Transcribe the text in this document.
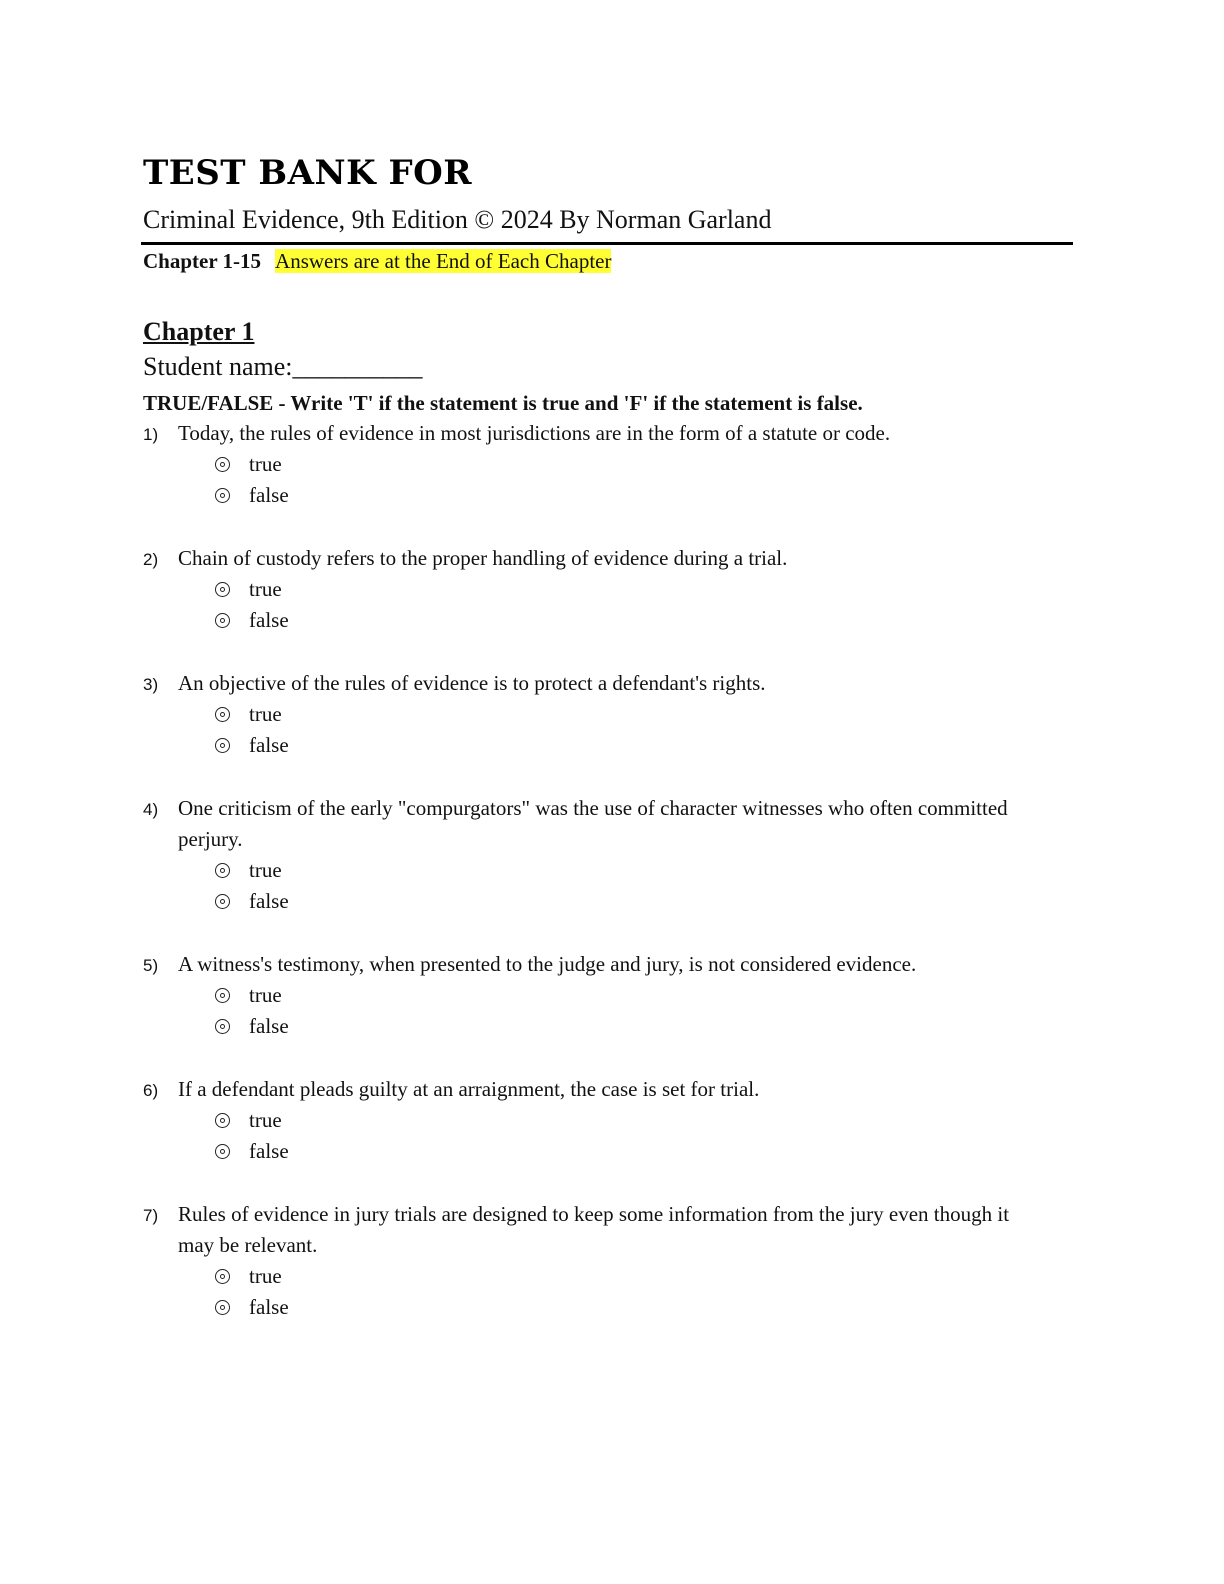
TEST BANK FOR
Criminal Evidence, 9th Edition © 2024 By Norman Garland
Chapter 1-15 Answers are at the End of Each Chapter
Chapter 1
Student name:__________
TRUE/FALSE - Write 'T' if the statement is true and 'F' if the statement is false.
1) Today, the rules of evidence in most jurisdictions are in the form of a statute or code.
true
false
2) Chain of custody refers to the proper handling of evidence during a trial.
true
false
3) An objective of the rules of evidence is to protect a defendant's rights.
true
false
4) One criticism of the early "compurgators" was the use of character witnesses who often committed perjury.
true
false
5) A witness's testimony, when presented to the judge and jury, is not considered evidence.
true
false
6) If a defendant pleads guilty at an arraignment, the case is set for trial.
true
false
7) Rules of evidence in jury trials are designed to keep some information from the jury even though it may be relevant.
true
false
